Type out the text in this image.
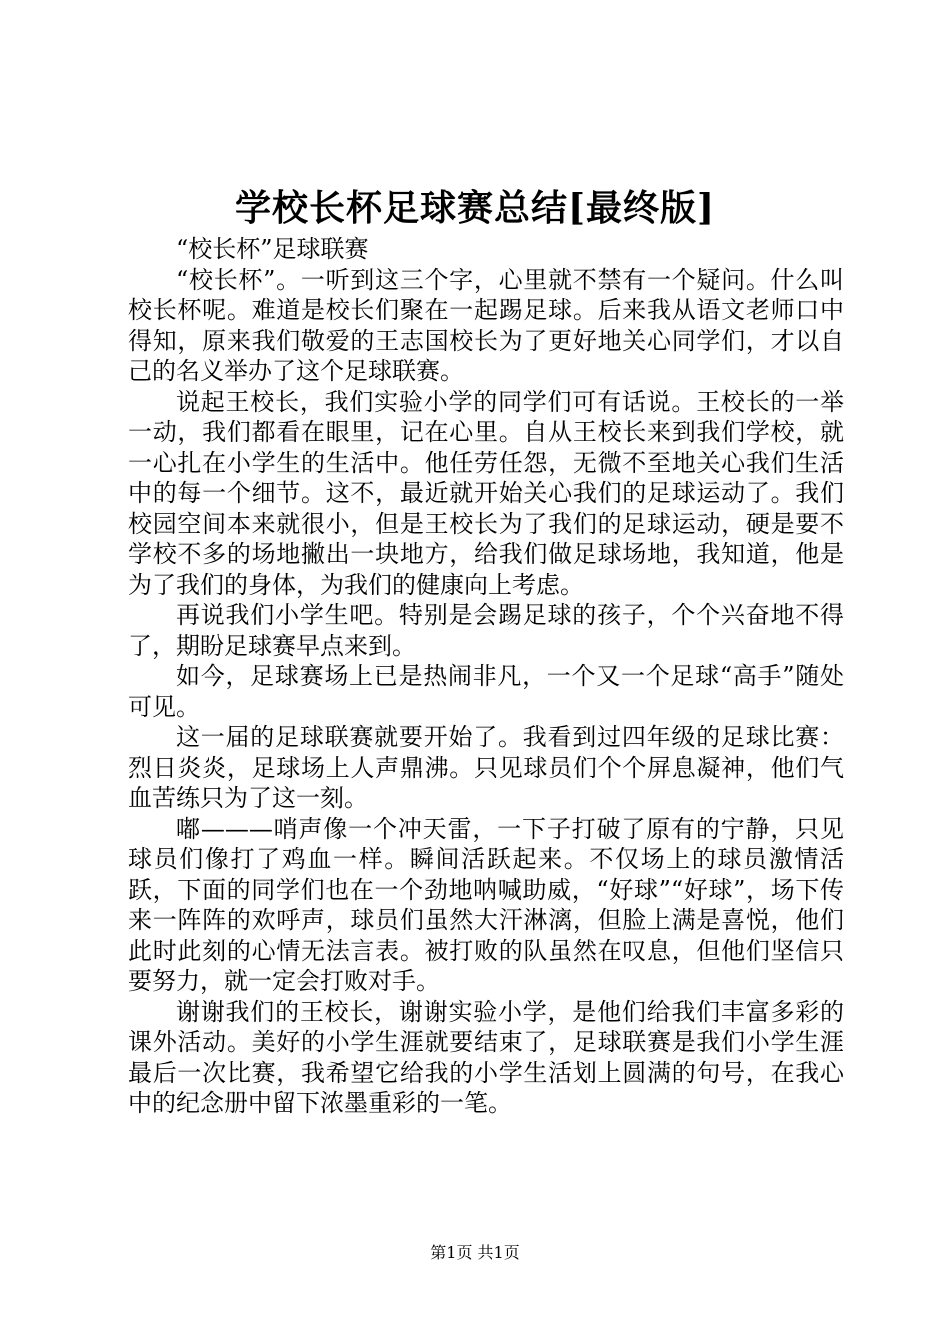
学校长杯足球赛总结[最终版]

“校长杯”足球联赛

“校长杯”。一听到这三个字，心里就不禁有一个疑问。什么叫校长杯呢。难道是校长们聚在一起踢足球。后来我从语文老师口中得知，原来我们敬爱的王志国校长为了更好地关心同学们，才以自己的名义举办了这个足球联赛。

说起王校长，我们实验小学的同学们可有话说。王校长的一举一动，我们都看在眼里，记在心里。自从王校长来到我们学校，就一心扎在小学生的生活中。他任劳任怨，无微不至地关心我们生活中的每一个细节。这不，最近就开始关心我们的足球运动了。我们校园空间本来就很小，但是王校长为了我们的足球运动，硬是要不学校不多的场地撇出一块地方，给我们做足球场地，我知道，他是为了我们的身体，为我们的健康向上考虑。

再说我们小学生吧。特别是会踢足球的孩子，个个兴奋地不得了，期盼足球赛早点来到。

如今，足球赛场上已是热闹非凡，一个又一个足球“高手”随处可见。

这一届的足球联赛就要开始了。我看到过四年级的足球比赛：烈日炎炎，足球场上人声鼎沸。只见球员们个个屏息凝神，他们气血苦练只为了这一刻。

嘟———哨声像一个冲天雷，一下子打破了原有的宁静，只见球员们像打了鸡血一样。瞬间活跃起来。不仅场上的球员激情活跃，下面的同学们也在一个劲地呐喊助威，“好球”“好球”，场下传来一阵阵的欢呼声，球员们虽然大汗淋漓，但脸上满是喜悦，他们此时此刻的心情无法言表。被打败的队虽然在叹息，但他们坚信只要努力，就一定会打败对手。

谢谢我们的王校长，谢谢实验小学，是他们给我们丰富多彩的课外活动。美好的小学生涯就要结束了，足球联赛是我们小学生涯最后一次比赛，我希望它给我的小学生活划上圆满的句号，在我心中的纪念册中留下浓墨重彩的一笔。

第1页 共1页
